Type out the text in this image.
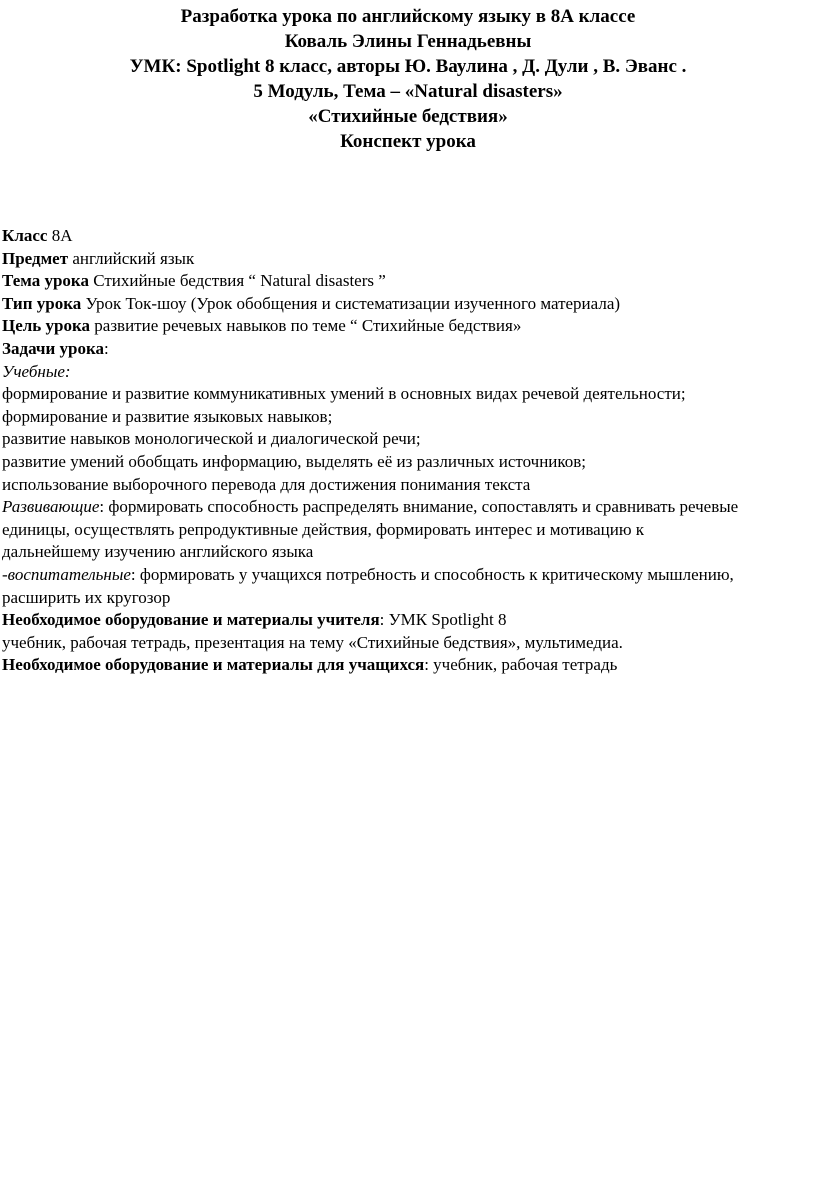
Разработка урока по английскому языку в 8А классе
Коваль Элины Геннадьевны
УМК: Spotlight 8 класс, авторы Ю. Ваулина , Д. Дули , В. Эванс .
5 Модуль, Тема – «Natural disasters»
«Стихийные бедствия»
Конспект урока
Класс 8А
Предмет английский язык
Тема урока Стихийные бедствия “ Natural disasters ”
Тип урока Урок Ток-шоу (Урок обобщения и систематизации изученного материала)
Цель урока развитие речевых навыков по теме “ Стихийные бедствия»
Задачи урока:
Учебные:
формирование и развитие коммуникативных умений в основных видах речевой деятельности;
формирование и развитие языковых навыков;
развитие навыков монологической и диалогической речи;
развитие умений обобщать информацию, выделять её из различных источников;
использование выборочного перевода для достижения понимания текста
Развивающие: формировать способность распределять внимание, сопоставлять и сравнивать речевые
единицы, осуществлять репродуктивные действия, формировать интерес и мотивацию к
дальнейшему изучению английского языка
-воспитательные: формировать у учащихся потребность и способность к критическому мышлению,
расширить их кругозор
Необходимое оборудование и материалы учителя: УМК Spotlight 8
учебник, рабочая тетрадь, презентация на тему «Стихийные бедствия», мультимедиа.
Необходимое оборудование и материалы для учащихся: учебник, рабочая тетрадь
